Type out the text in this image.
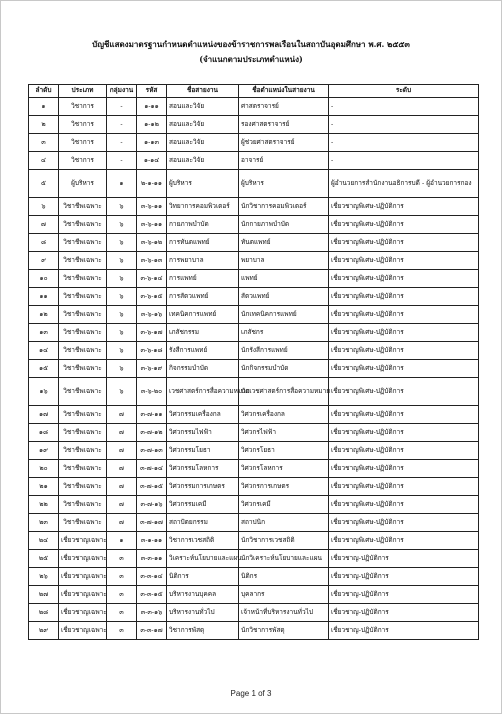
บัญชีแสดงมาตรฐานกำหนดตำแหน่งของข้าราชการพลเรือนในสถาบันอุดมศึกษา พ.ศ. ๒๕๕๓
(จำแนกตามประเภทตำแหน่ง)
ลำดับ	ประเภท	กลุ่มงาน	รหัส	ชื่อสายงาน	ชื่อตำแหน่งในสายงาน	ระดับ
๑	วิชาการ	-	๑-๑๑	สอนและวิจัย	ศาสตราจารย์	-
๒	วิชาการ	-	๑-๑๒	สอนและวิจัย	รองศาสตราจารย์	-
๓	วิชาการ	-	๑-๑๓	สอนและวิจัย	ผู้ช่วยศาสตราจารย์	-
๔	วิชาการ	-	๑-๑๔	สอนและวิจัย	อาจารย์	-
๕	ผู้บริหาร	๑	๒-๑-๑๑	ผู้บริหาร	ผู้บริหาร	ผู้อำนวยการสำนักงานอธิการบดี - ผู้อำนวยการกอง
๖	วิชาชีพเฉพาะ	๖	๓-๖-๑๑	วิทยาการคอมพิวเตอร์	นักวิชาการคอมพิวเตอร์	เชี่ยวชาญพิเศษ-ปฏิบัติการ
๗	วิชาชีพเฉพาะ	๖	๓-๖-๑๑	กายภาพบำบัด	นักกายภาพบำบัด	เชี่ยวชาญพิเศษ-ปฏิบัติการ
๘	วิชาชีพเฉพาะ	๖	๓-๖-๑๒	การทันตแพทย์	ทันตแพทย์	เชี่ยวชาญพิเศษ-ปฏิบัติการ
๙	วิชาชีพเฉพาะ	๖	๓-๖-๑๓	การพยาบาล	พยาบาล	เชี่ยวชาญพิเศษ-ปฏิบัติการ
๑๐	วิชาชีพเฉพาะ	๖	๓-๖-๑๔	การแพทย์	แพทย์	เชี่ยวชาญพิเศษ-ปฏิบัติการ
๑๑	วิชาชีพเฉพาะ	๖	๓-๖-๑๕	การสัตวแพทย์	สัตวแพทย์	เชี่ยวชาญพิเศษ-ปฏิบัติการ
๑๒	วิชาชีพเฉพาะ	๖	๓-๖-๑๖	เทคนิคการแพทย์	นักเทคนิคการแพทย์	เชี่ยวชาญพิเศษ-ปฏิบัติการ
๑๓	วิชาชีพเฉพาะ	๖	๓-๖-๑๗	เภสัชกรรม	เภสัชกร	เชี่ยวชาญพิเศษ-ปฏิบัติการ
๑๔	วิชาชีพเฉพาะ	๖	๓-๖-๑๘	รังสีการแพทย์	นักรังสีการแพทย์	เชี่ยวชาญพิเศษ-ปฏิบัติการ
๑๕	วิชาชีพเฉพาะ	๖	๓-๖-๑๙	กิจกรรมบำบัด	นักกิจกรรมบำบัด	เชี่ยวชาญพิเศษ-ปฏิบัติการ
๑๖	วิชาชีพเฉพาะ	๖	๓-๖-๒๐	เวชศาสตร์การสื่อความหมาย	นักเวชศาสตร์การสื่อความหมาย	เชี่ยวชาญพิเศษ-ปฏิบัติการ
๑๗	วิชาชีพเฉพาะ	๗	๓-๗-๑๑	วิศวกรรมเครื่องกล	วิศวกรเครื่องกล	เชี่ยวชาญพิเศษ-ปฏิบัติการ
๑๘	วิชาชีพเฉพาะ	๗	๓-๗-๑๒	วิศวกรรมไฟฟ้า	วิศวกรไฟฟ้า	เชี่ยวชาญพิเศษ-ปฏิบัติการ
๑๙	วิชาชีพเฉพาะ	๗	๓-๗-๑๓	วิศวกรรมโยธา	วิศวกรโยธา	เชี่ยวชาญพิเศษ-ปฏิบัติการ
๒๐	วิชาชีพเฉพาะ	๗	๓-๗-๑๔	วิศวกรรมโลหการ	วิศวกรโลหการ	เชี่ยวชาญพิเศษ-ปฏิบัติการ
๒๑	วิชาชีพเฉพาะ	๗	๓-๗-๑๕	วิศวกรรมการเกษตร	วิศวกรการเกษตร	เชี่ยวชาญพิเศษ-ปฏิบัติการ
๒๒	วิชาชีพเฉพาะ	๗	๓-๗-๑๖	วิศวกรรมเคมี	วิศวกรเคมี	เชี่ยวชาญพิเศษ-ปฏิบัติการ
๒๓	วิชาชีพเฉพาะ	๗	๓-๗-๑๗	สถาปัตยกรรม	สถาปนิก	เชี่ยวชาญพิเศษ-ปฏิบัติการ
๒๔	เชี่ยวชาญเฉพาะ	๑	๓-๑-๑๑	วิชาการเวชสถิติ	นักวิชาการเวชสถิติ	เชี่ยวชาญพิเศษ-ปฏิบัติการ
๒๕	เชี่ยวชาญเฉพาะ	๓	๓-๓-๑๑	วิเคราะห์นโยบายและแผน	นักวิเคราะห์นโยบายและแผน	เชี่ยวชาญ-ปฏิบัติการ
๒๖	เชี่ยวชาญเฉพาะ	๓	๓-๓-๑๔	นิติการ	นิติกร	เชี่ยวชาญ-ปฏิบัติการ
๒๗	เชี่ยวชาญเฉพาะ	๓	๓-๓-๑๕	บริหารงานบุคคล	บุคลากร	เชี่ยวชาญ-ปฏิบัติการ
๒๘	เชี่ยวชาญเฉพาะ	๓	๓-๓-๑๖	บริหารงานทั่วไป	เจ้าหน้าที่บริหารงานทั่วไป	เชี่ยวชาญ-ปฏิบัติการ
๒๙	เชี่ยวชาญเฉพาะ	๓	๓-๓-๑๗	วิชาการพัสดุ	นักวิชาการพัสดุ	เชี่ยวชาญ-ปฏิบัติการ
Page 1 of 3
